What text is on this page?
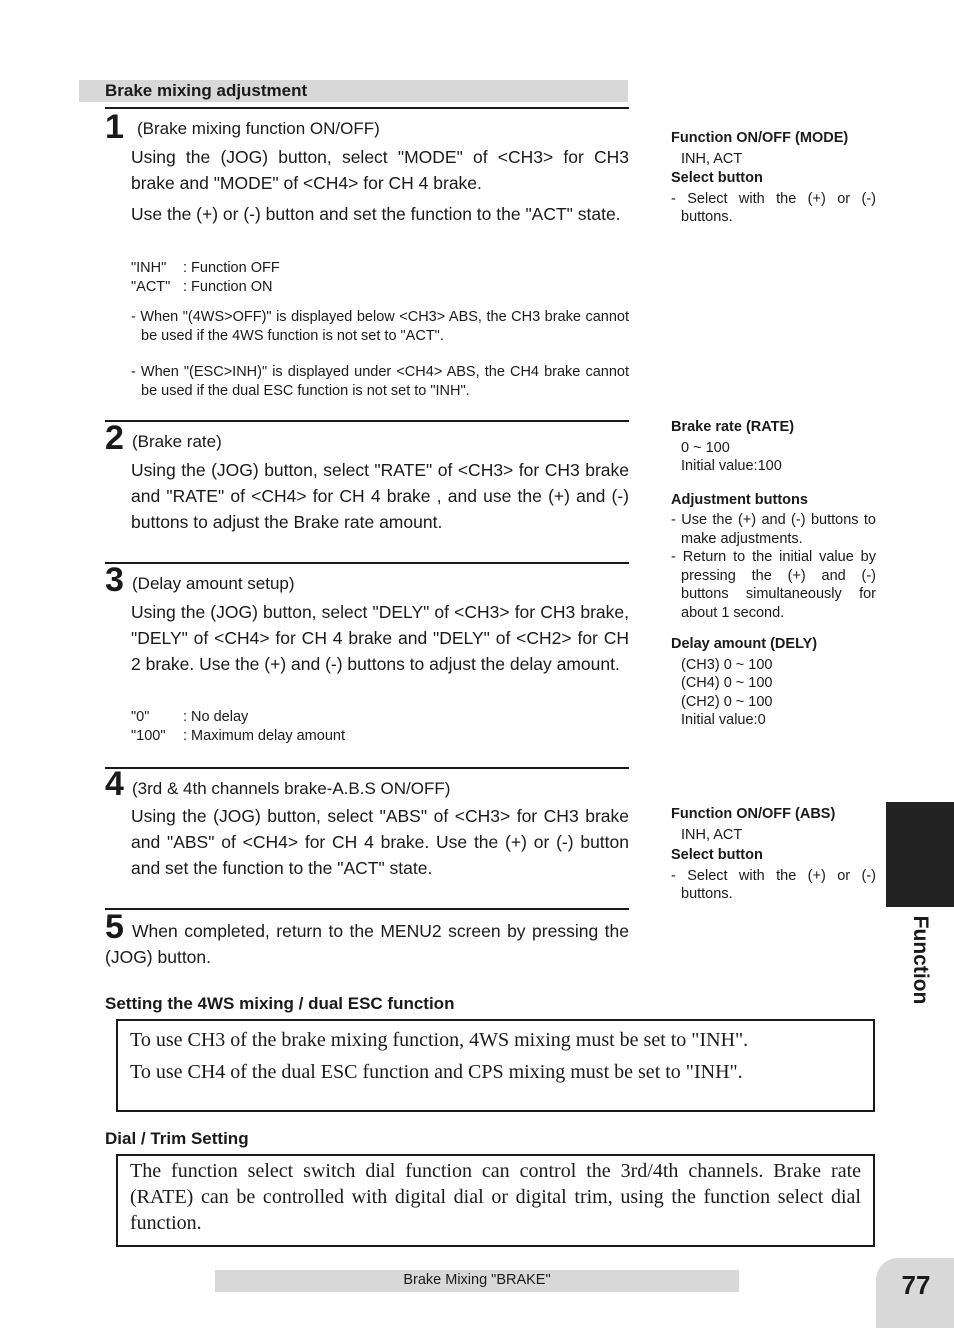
Brake mixing adjustment
1 (Brake mixing function ON/OFF)

Using the (JOG) button, select "MODE" of <CH3> for CH3 brake and "MODE" of <CH4> for CH 4 brake.

Use the (+) or (-) button and set the function to the "ACT" state.

"INH" : Function OFF
"ACT" : Function ON

- When "(4WS>OFF)" is displayed below <CH3> ABS, the CH3 brake cannot be used if the 4WS function is not set to "ACT".

- When "(ESC>INH)" is displayed under <CH4> ABS, the CH4 brake cannot be used if the dual ESC function is not set to "INH".

2 (Brake rate)

Using the (JOG) button, select "RATE" of <CH3> for CH3 brake and "RATE" of <CH4> for CH 4 brake , and use the (+) and (-) buttons to adjust the Brake rate amount.

3 (Delay amount setup)

Using the (JOG) button, select "DELY" of <CH3> for CH3 brake, "DELY" of <CH4> for CH 4 brake and "DELY" of <CH2> for CH 2 brake. Use the (+) and (-) buttons to adjust the delay amount.

"0" : No delay
"100" : Maximum delay amount
4 (3rd & 4th channels brake-A.B.S ON/OFF)

Using the (JOG) button, select "ABS" of <CH3> for CH3 brake and "ABS" of <CH4> for CH 4 brake. Use the (+) or (-) button and set the function to the "ACT" state.

5 When completed, return to the MENU2 screen by pressing the (JOG) button.

Function ON/OFF (MODE)
INH, ACT
Select button
- Select with the (+) or (-) buttons.
Brake rate (RATE)
0 ~ 100
Initial value:100
Adjustment buttons
- Use the (+) and (-) buttons to make adjustments.
- Return to the initial value by pressing the (+) and (-) buttons simultaneously for about 1 second.
Delay amount (DELY)
(CH3) 0 ~ 100
(CH4) 0 ~ 100
(CH2) 0 ~ 100
Initial value:0
Function ON/OFF (ABS)
INH, ACT
Select button
- Select with the (+) or (-) buttons.
Setting the 4WS mixing / dual ESC function

To use CH3 of the brake mixing function, 4WS mixing must be set to "INH".

To use CH4 of the dual ESC function and CPS mixing must be set to "INH".

Dial / Trim Setting

The function select switch dial function can control the 3rd/4th channels. Brake rate (RATE) can be controlled with digital dial or digital trim, using the function select dial function.

Function
Brake Mixing "BRAKE"	77
